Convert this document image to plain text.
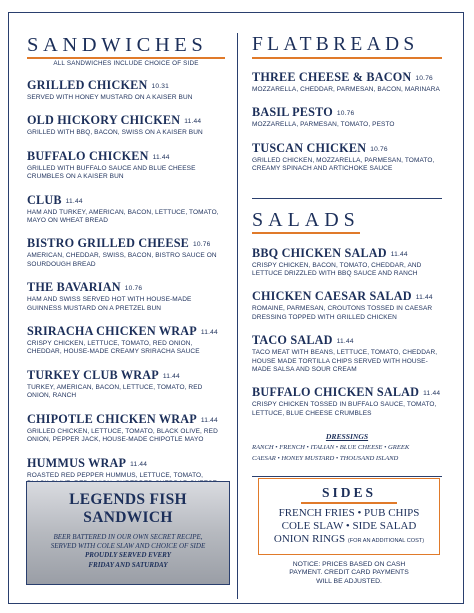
SANDWICHES
ALL SANDWICHES INCLUDE CHOICE OF SIDE
GRILLED CHICKEN 10.31
SERVED WITH HONEY MUSTARD ON A KAISER BUN
OLD HICKORY CHICKEN 11.44
GRILLED WITH BBQ, BACON, SWISS ON A KAISER BUN
BUFFALO CHICKEN 11.44
GRILLED WITH BUFFALO SAUCE AND BLUE CHEESE CRUMBLES ON A KAISER BUN
CLUB 11.44
HAM AND TURKEY, AMERICAN, BACON, LETTUCE, TOMATO, MAYO ON WHEAT BREAD
BISTRO GRILLED CHEESE 10.76
AMERICAN, CHEDDAR, SWISS, BACON, BISTRO SAUCE ON SOURDOUGH BREAD
THE BAVARIAN 10.76
HAM AND SWISS SERVED HOT WITH HOUSE-MADE GUINNESS MUSTARD ON A PRETZEL BUN
SRIRACHA CHICKEN WRAP 11.44
CRISPY CHICKEN, LETTUCE, TOMATO, RED ONION, CHEDDAR, HOUSE-MADE CREAMY SRIRACHA SAUCE
TURKEY CLUB WRAP 11.44
TURKEY, AMERICAN, BACON, LETTUCE, TOMATO, RED ONION, RANCH
CHIPOTLE CHICKEN WRAP 11.44
GRILLED CHICKEN, LETTUCE, TOMATO, BLACK OLIVE, RED ONION, PEPPER JACK, HOUSE-MADE CHIPOTLE MAYO
HUMMUS WRAP 11.44
ROASTED RED PEPPER HUMMUS, LETTUCE, TOMATO,
LEGENDS FISH
SANDWICH
BEER BATTERED IN OUR OWN SECRET RECIPE,
SERVED WITH COLE SLAW AND CHOICE OF SIDE
PROUDLY SERVED EVERY
FRIDAY AND SATURDAY
FLATBREADS
THREE CHEESE & BACON 10.76
MOZZARELLA, CHEDDAR, PARMESAN, BACON, MARINARA
BASIL PESTO 10.76
MOZZARELLA, PARMESAN, TOMATO, PESTO
TUSCAN CHICKEN 10.76
GRILLED CHICKEN, MOZZARELLA, PARMESAN, TOMATO, CREAMY SPINACH AND ARTICHOKE SAUCE
SALADS
BBQ CHICKEN SALAD 11.44
CRISPY CHICKEN, BACON, TOMATO, CHEDDAR, AND LETTUCE DRIZZLED WITH BBQ SAUCE AND RANCH
CHICKEN CAESAR SALAD 11.44
ROMAINE, PARMESAN, CROUTONS TOSSED IN CAESAR DRESSING TOPPED WITH GRILLED CHICKEN
TACO SALAD 11.44
TACO MEAT WITH BEANS, LETTUCE, TOMATO, CHEDDAR, HOUSE MADE TORTILLA CHIPS SERVED WITH HOUSE-MADE SALSA AND SOUR CREAM
BUFFALO CHICKEN SALAD 11.44
CRISPY CHICKEN TOSSED IN BUFFALO SAUCE, TOMATO, LETTUCE, BLUE CHEESE CRUMBLES
DRESSINGS
RANCH • FRENCH • ITALIAN • BLUE CHEESE • GREEK
CAESAR • HONEY MUSTARD • THOUSAND ISLAND
SIDES
FRENCH FRIES • PUB CHIPS
COLE SLAW • SIDE SALAD
ONION RINGS (FOR AN ADDITIONAL COST)
NOTICE: PRICES BASED ON CASH
PAYMENT. CREDIT CARD PAYMENTS
WILL BE ADJUSTED.
